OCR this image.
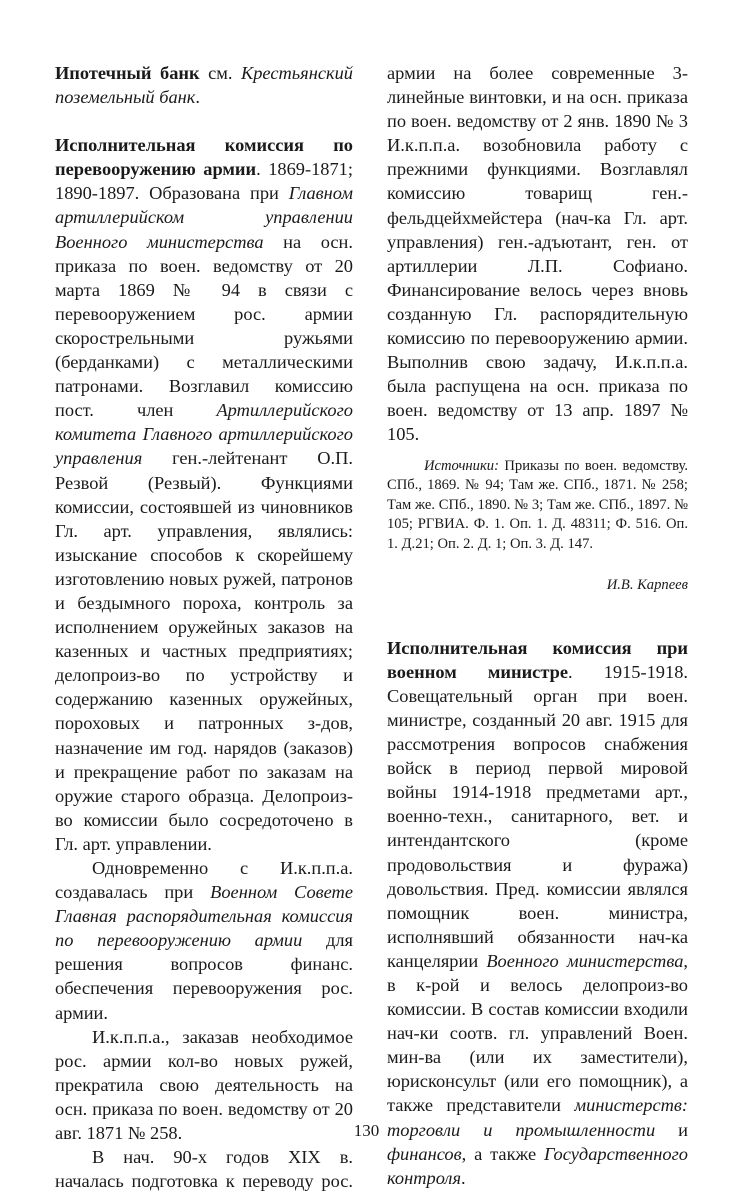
Ипотечный банк см. Крестьянский поземельный банк.

Исполнительная комиссия по перевооружению армии. 1869-1871; 1890-1897. Образована при Главном артиллерийском управлении Военного министерства на осн. приказа по воен. ведомству от 20 марта 1869 № 94 в связи с перевооружением рос. армии скорострельными ружьями (берданками) с металлическими патронами. Возглавил комиссию пост. член Артиллерийского комитета Главного артиллерийского управления ген.-лейтенант О.П. Резвой (Резвый). Функциями комиссии, состоявшей из чиновников Гл. арт. управления, являлись: изыскание способов к скорейшему изготовлению новых ружей, патронов и бездымного пороха, контроль за исполнением оружейных заказов на казенных и частных предприятиях; делопроиз-во по устройству и содержанию казенных оружейных, пороховых и патронных з-дов, назначение им год. нарядов (заказов) и прекращение работ по заказам на оружие старого образца. Делопроиз-во комиссии было сосредоточено в Гл. арт. управлении.

Одновременно с И.к.п.п.а. создавалась при Военном Совете Главная распорядительная комиссия по перевооружению армии для решения вопросов финанс. обеспечения перевооружения рос. армии.

И.к.п.п.а., заказав необходимое рос. армии кол-во новых ружей, прекратила свою деятельность на осн. приказа по воен. ведомству от 20 авг. 1871 № 258.

В нач. 90-х годов XIX в. началась подготовка к переводу рос.

армии на более современные 3-линейные винтовки, и на осн. приказа по воен. ведомству от 2 янв. 1890 № 3 И.к.п.п.а. возобновила работу с прежними функциями. Возглавлял комиссию товарищ ген.-фельдцейхмейстера (нач-ка Гл. арт. управления) ген.-адъютант, ген. от артиллерии Л.П. Софиано. Финансирование велось через вновь созданную Гл. распорядительную комиссию по перевооружению армии. Выполнив свою задачу, И.к.п.п.а. была распущена на осн. приказа по воен. ведомству от 13 апр. 1897 № 105.

Источники: Приказы по воен. ведомству. СПб., 1869. № 94; Там же. СПб., 1871. № 258; Там же. СПб., 1890. № 3; Там же. СПб., 1897. № 105; РГВИА. Ф. 1. Оп. 1. Д. 48311; Ф. 516. Оп. 1. Д.21; Оп. 2. Д. 1; Оп. 3. Д. 147.

И.В. Карпеев

Исполнительная комиссия при военном министре. 1915-1918. Совещательный орган при воен. министре, созданный 20 авг. 1915 для рассмотрения вопросов снабжения войск в период первой мировой войны 1914-1918 предметами арт., военно-техн., санитарного, вет. и интендантского (кроме продовольствия и фуража) довольствия. Пред. комиссии являлся помощник воен. министра, исполнявший обязанности нач-ка канцелярии Военного министерства, в к-рой и велось делопроиз-во комиссии. В состав комиссии входили нач-ки соотв. гл. управлений Воен. мин-ва (или их заместители), юрисконсульт (или его помощник), а также представители министерств: торговли и промышленности и финансов, а также Государственного контроля.

130
